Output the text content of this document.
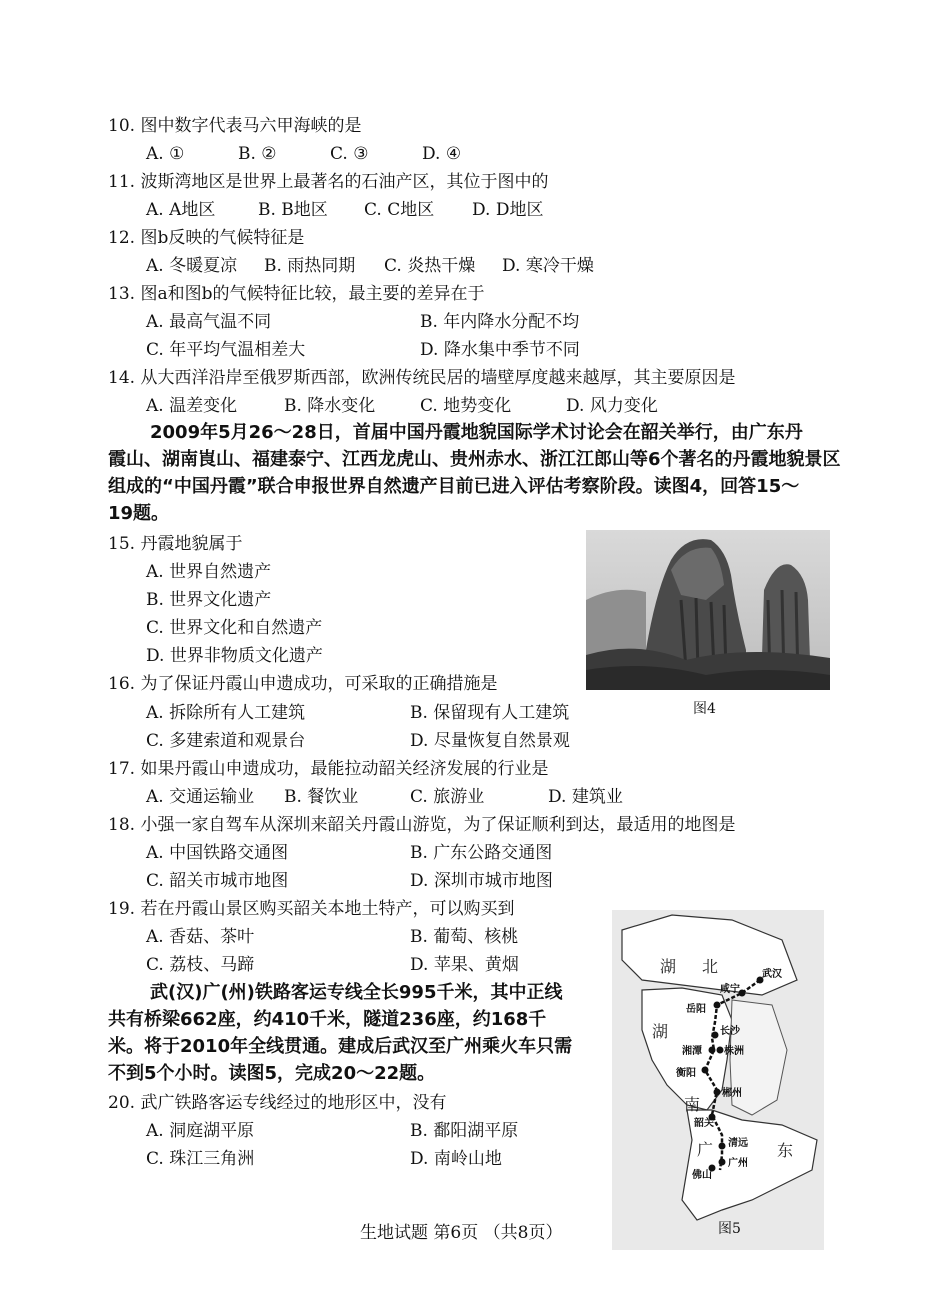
10. 图中数字代表马六甲海峡的是
A. ①	B. ②	C. ③	D. ④
11. 波斯湾地区是世界上最著名的石油产区，其位于图中的
A. A地区	B. B地区 C. C地区 D. D地区
12. 图b反映的气候特征是
A. 冬暖夏凉 B. 雨热同期 C. 炎热干燥 D. 寒冷干燥
13. 图a和图b的气候特征比较，最主要的差异在于
A. 最高气温不同	B. 年内降水分配不均
C. 年平均气温相差大	D. 降水集中季节不同
14. 从大西洋沿岸至俄罗斯西部，欧洲传统民居的墙壁厚度越来越厚，其主要原因是
A. 温差变化	B. 降水变化	C. 地势变化	D. 风力变化
2009年5月26～28日，首届中国丹霞地貌国际学术讨论会在韶关举行，由广东丹
霞山、湖南崀山、福建泰宁、江西龙虎山、贵州赤水、浙江江郎山等6个著名的丹霞地貌景区
组成的“中国丹霞”联合申报世界自然遗产目前已进入评估考察阶段。读图4，回答15～
19题。
15. 丹霞地貌属于
A. 世界自然遗产
B. 世界文化遗产
C. 世界文化和自然遗产
D. 世界非物质文化遗产
图4
16. 为了保证丹霞山申遗成功，可采取的正确措施是
A. 拆除所有人工建筑	B. 保留现有人工建筑
C. 多建索道和观景台	D. 尽量恢复自然景观
17. 如果丹霞山申遗成功，最能拉动韶关经济发展的行业是
A. 交通运输业 B. 餐饮业	C. 旅游业	D. 建筑业
18. 小强一家自驾车从深圳来韶关丹霞山游览，为了保证顺利到达，最适用的地图是
A. 中国铁路交通图	B. 广东公路交通图
C. 韶关市城市地图	D. 深圳市城市地图
19. 若在丹霞山景区购买韶关本地土特产，可以购买到
A. 香菇、茶叶	B. 葡萄、核桃
C. 荔枝、马蹄	D. 苹果、黄烟
武(汉)广(州)铁路客运专线全长995千米，其中正线
共有桥梁662座，约410千米，隧道236座，约168千
米。将于2010年全线贯通。建成后武汉至广州乘火车只需
不到5个小时。读图5，完成20～22题。
20. 武广铁路客运专线经过的地形区中，没有
A. 洞庭湖平原	B. 鄱阳湖平原
C. 珠江三角洲	D. 南岭山地
湖 北
湖
南
广	东
武汉
咸宁
岳阳
长沙
湘潭 株洲
衡阳
郴州
韶关
清远
广州
佛山
图5
生地试题 第6页 （共8页）
